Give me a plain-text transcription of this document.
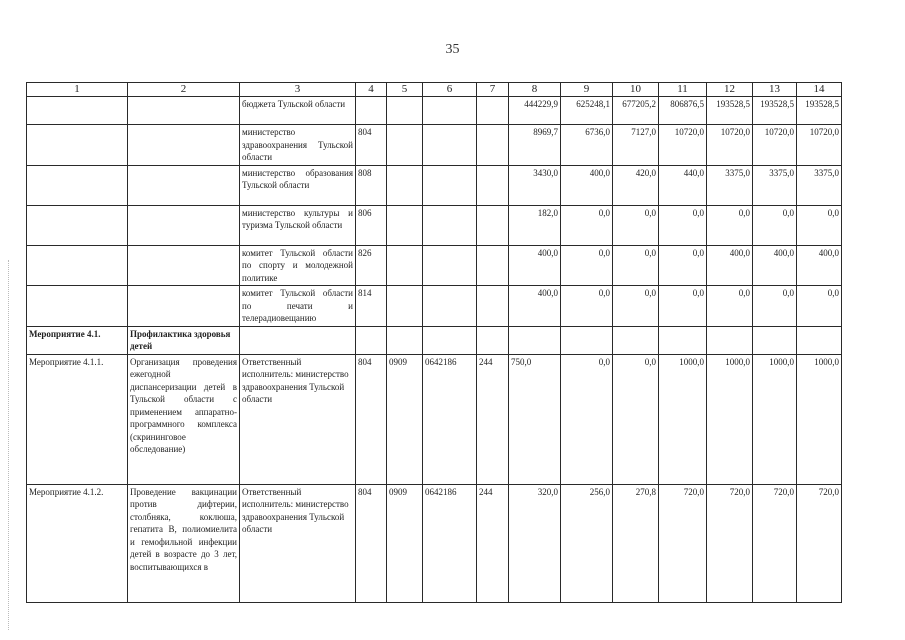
35
1	2	3	4	5	6	7	8	9	10	11	12	13	14
		бюджета Тульской области					444229,9	625248,1	677205,2	806876,5	193528,5	193528,5	193528,5
		министерство здравоохранения Тульской области	804				8969,7	6736,0	7127,0	10720,0	10720,0	10720,0	10720,0
		министерство образования Тульской области	808				3430,0	400,0	420,0	440,0	3375,0	3375,0	3375,0
		министерство культуры и туризма Тульской области	806				182,0	0,0	0,0	0,0	0,0	0,0	0,0
		комитет Тульской области по спорту и молодежной политике	826				400,0	0,0	0,0	0,0	400,0	400,0	400,0
		комитет Тульской области по печати и телерадиовещанию	814				400,0	0,0	0,0	0,0	0,0	0,0	0,0
Мероприятие 4.1.	Профилактика здоровья детей												
Мероприятие 4.1.1.	Организация проведения ежегодной диспансеризации детей в Тульской области с применением аппаратно-программного комплекса (скрининговое обследование)	Ответственный исполнитель: министерство здравоохранения Тульской области	804	0909	0642186	244	750,0	0,0	0,0	1000,0	1000,0	1000,0	1000,0
Мероприятие 4.1.2.	Проведение вакцинации против дифтерии, столбняка, коклюша, гепатита В, полиомиелита и гемофильной инфекции детей в возрасте до 3 лет, воспитывающихся в	Ответственный исполнитель: министерство здравоохранения Тульской области	804	0909	0642186	244	320,0	256,0	270,8	720,0	720,0	720,0	720,0
